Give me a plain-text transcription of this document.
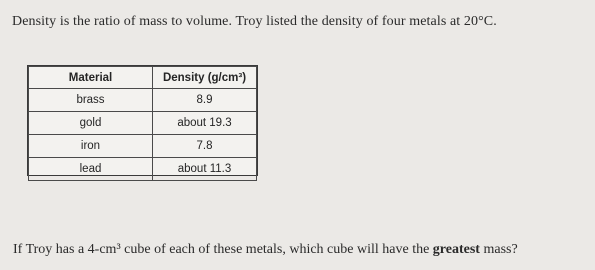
Density is the ratio of mass to volume. Troy listed the density of four metals at 20°C.
Material	Density (g/cm³)
brass	8.9
gold	about 19.3
iron	7.8
lead	about 11.3
If Troy has a 4-cm³ cube of each of these metals, which cube will have the greatest mass?
